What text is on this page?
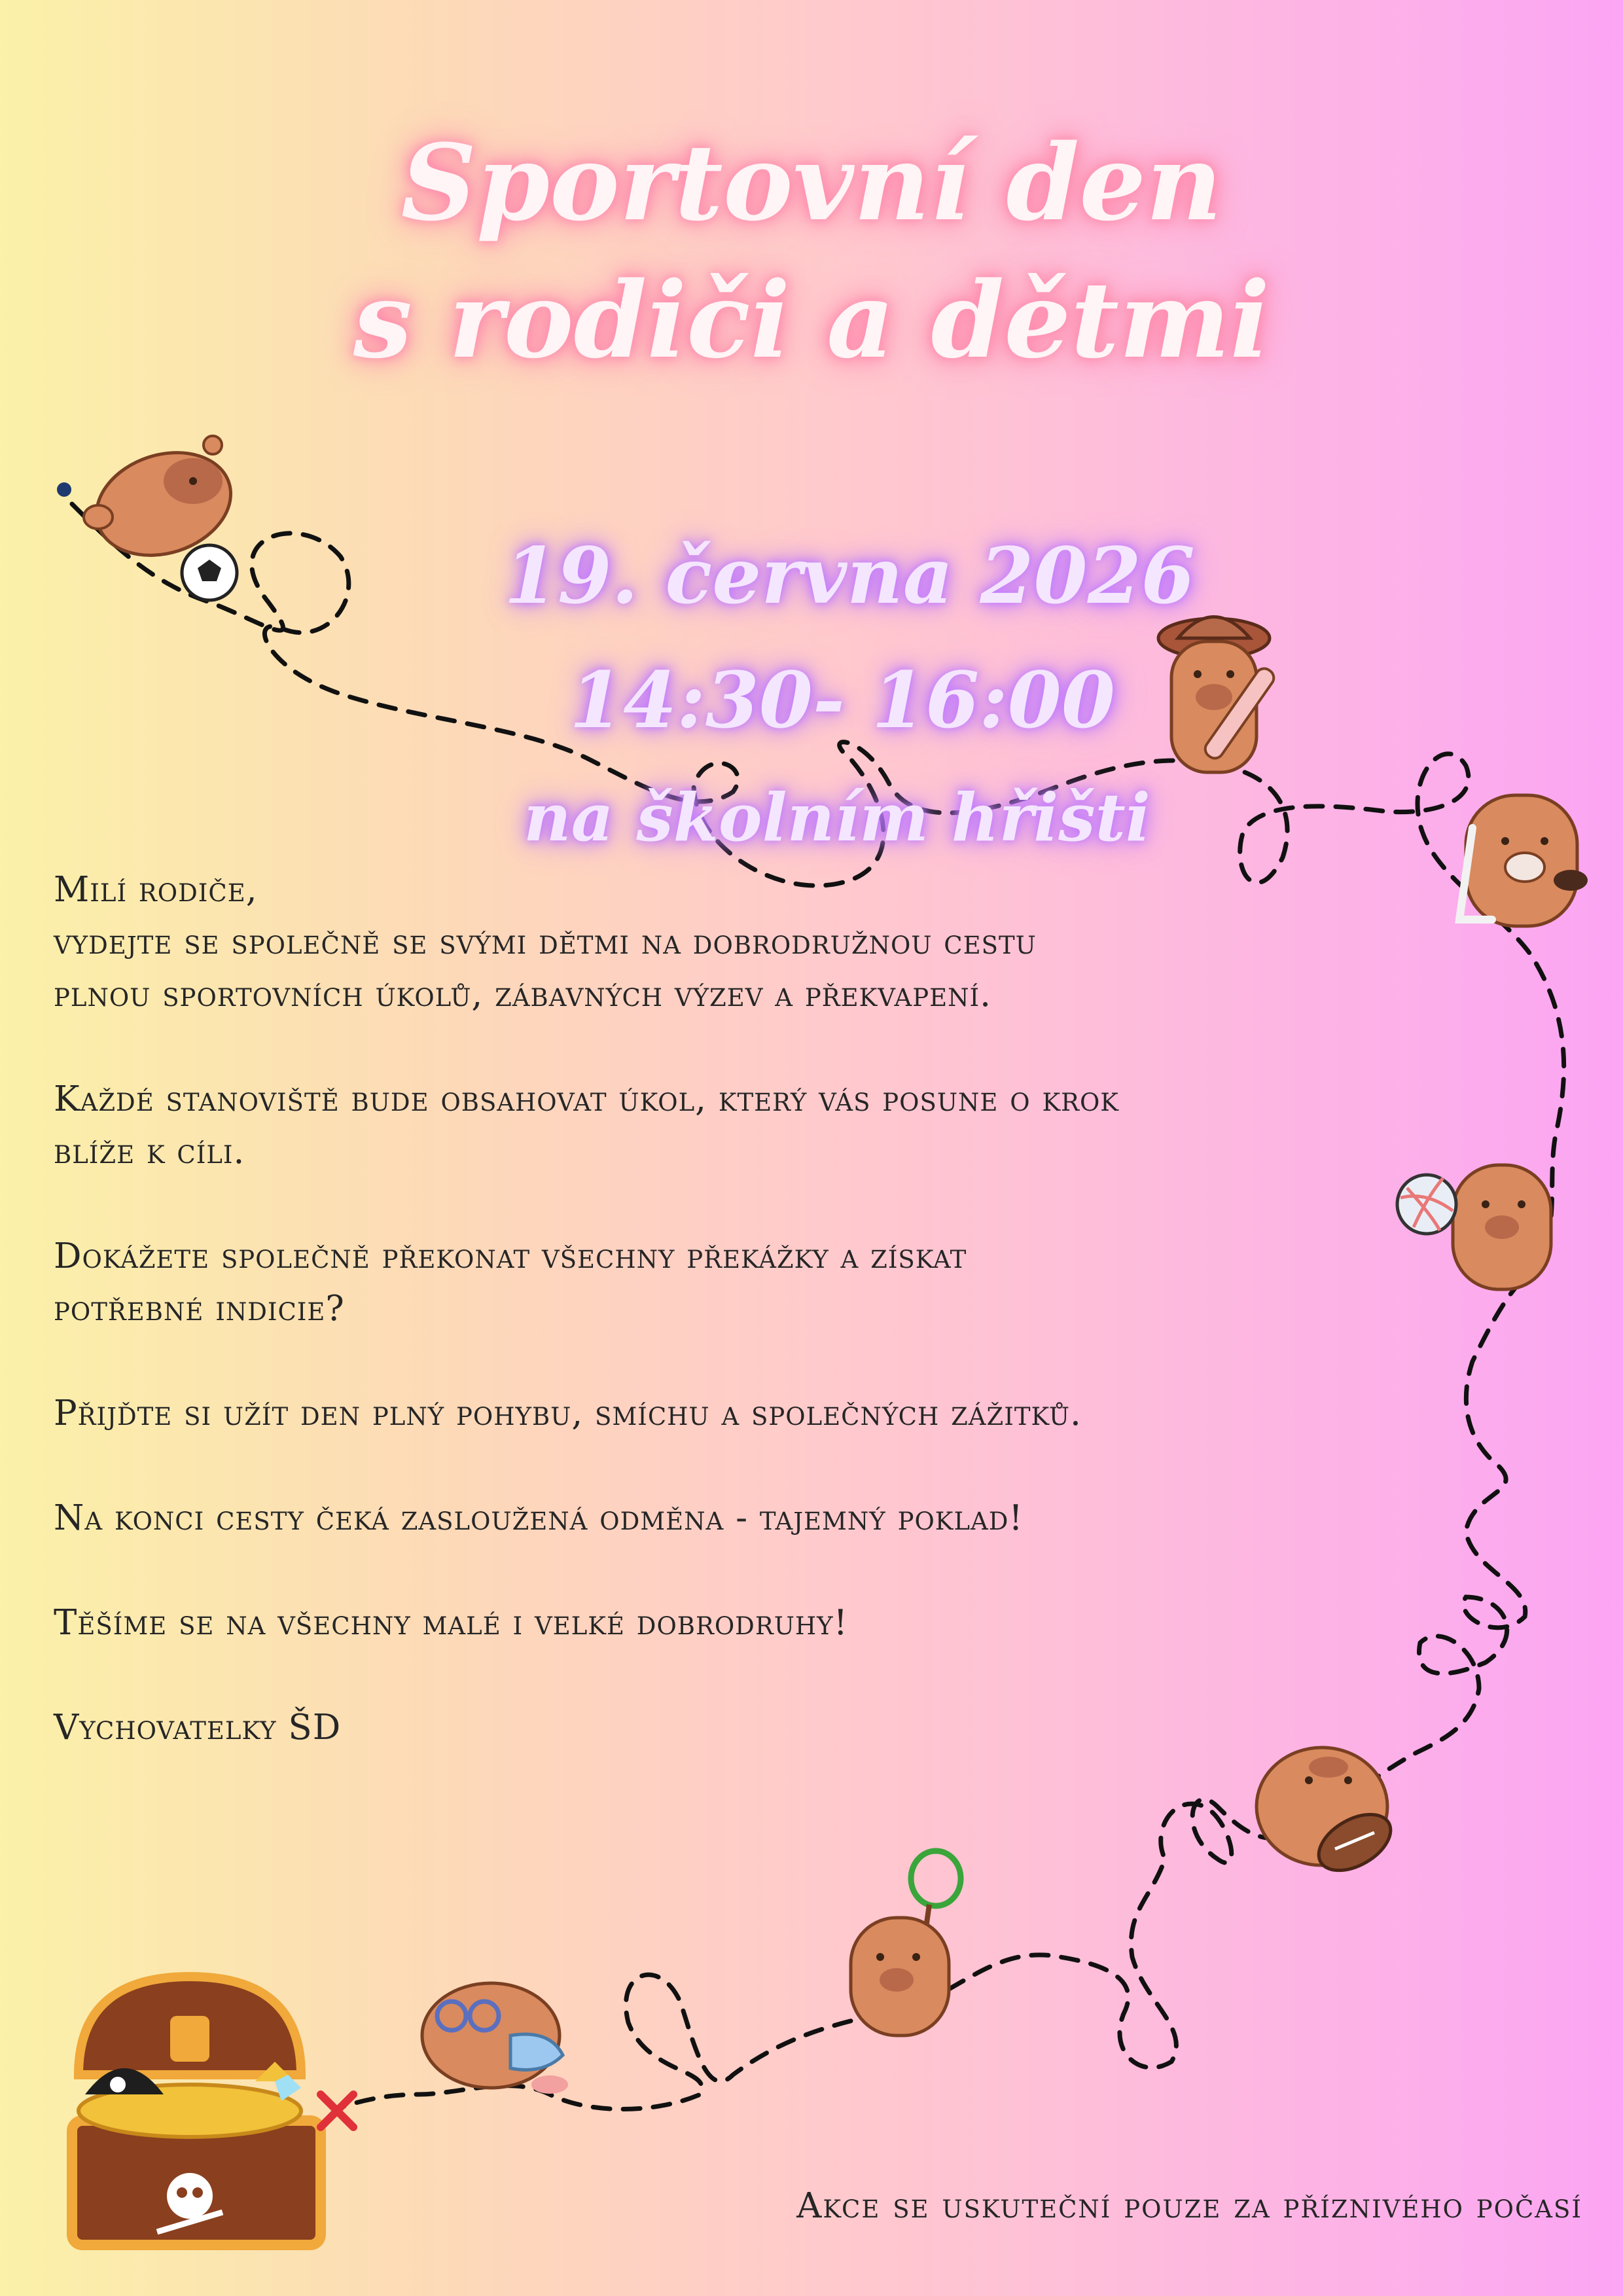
Sportovní den
s rodiči a dětmi
19. června 2026
14:30- 16:00
na školním hřišti

Milí rodiče,

vydejte se společně se svými dětmi na dobrodružnou cestu

plnou sportovních úkolů, zábavných výzev a překvapení.

Každé stanoviště bude obsahovat úkol, který vás posune o krok

blíže k cíli.

Dokážete společně překonat všechny překážky a získat

potřebné indicie?

Přijďte si užít den plný pohybu, smíchu a společných zážitků.

Na konci cesty čeká zasloužená odměna - tajemný poklad!

Těšíme se na všechny malé i velké dobrodruhy!

Vychovatelky ŠD

Akce se uskuteční pouze za příznivého počasí
